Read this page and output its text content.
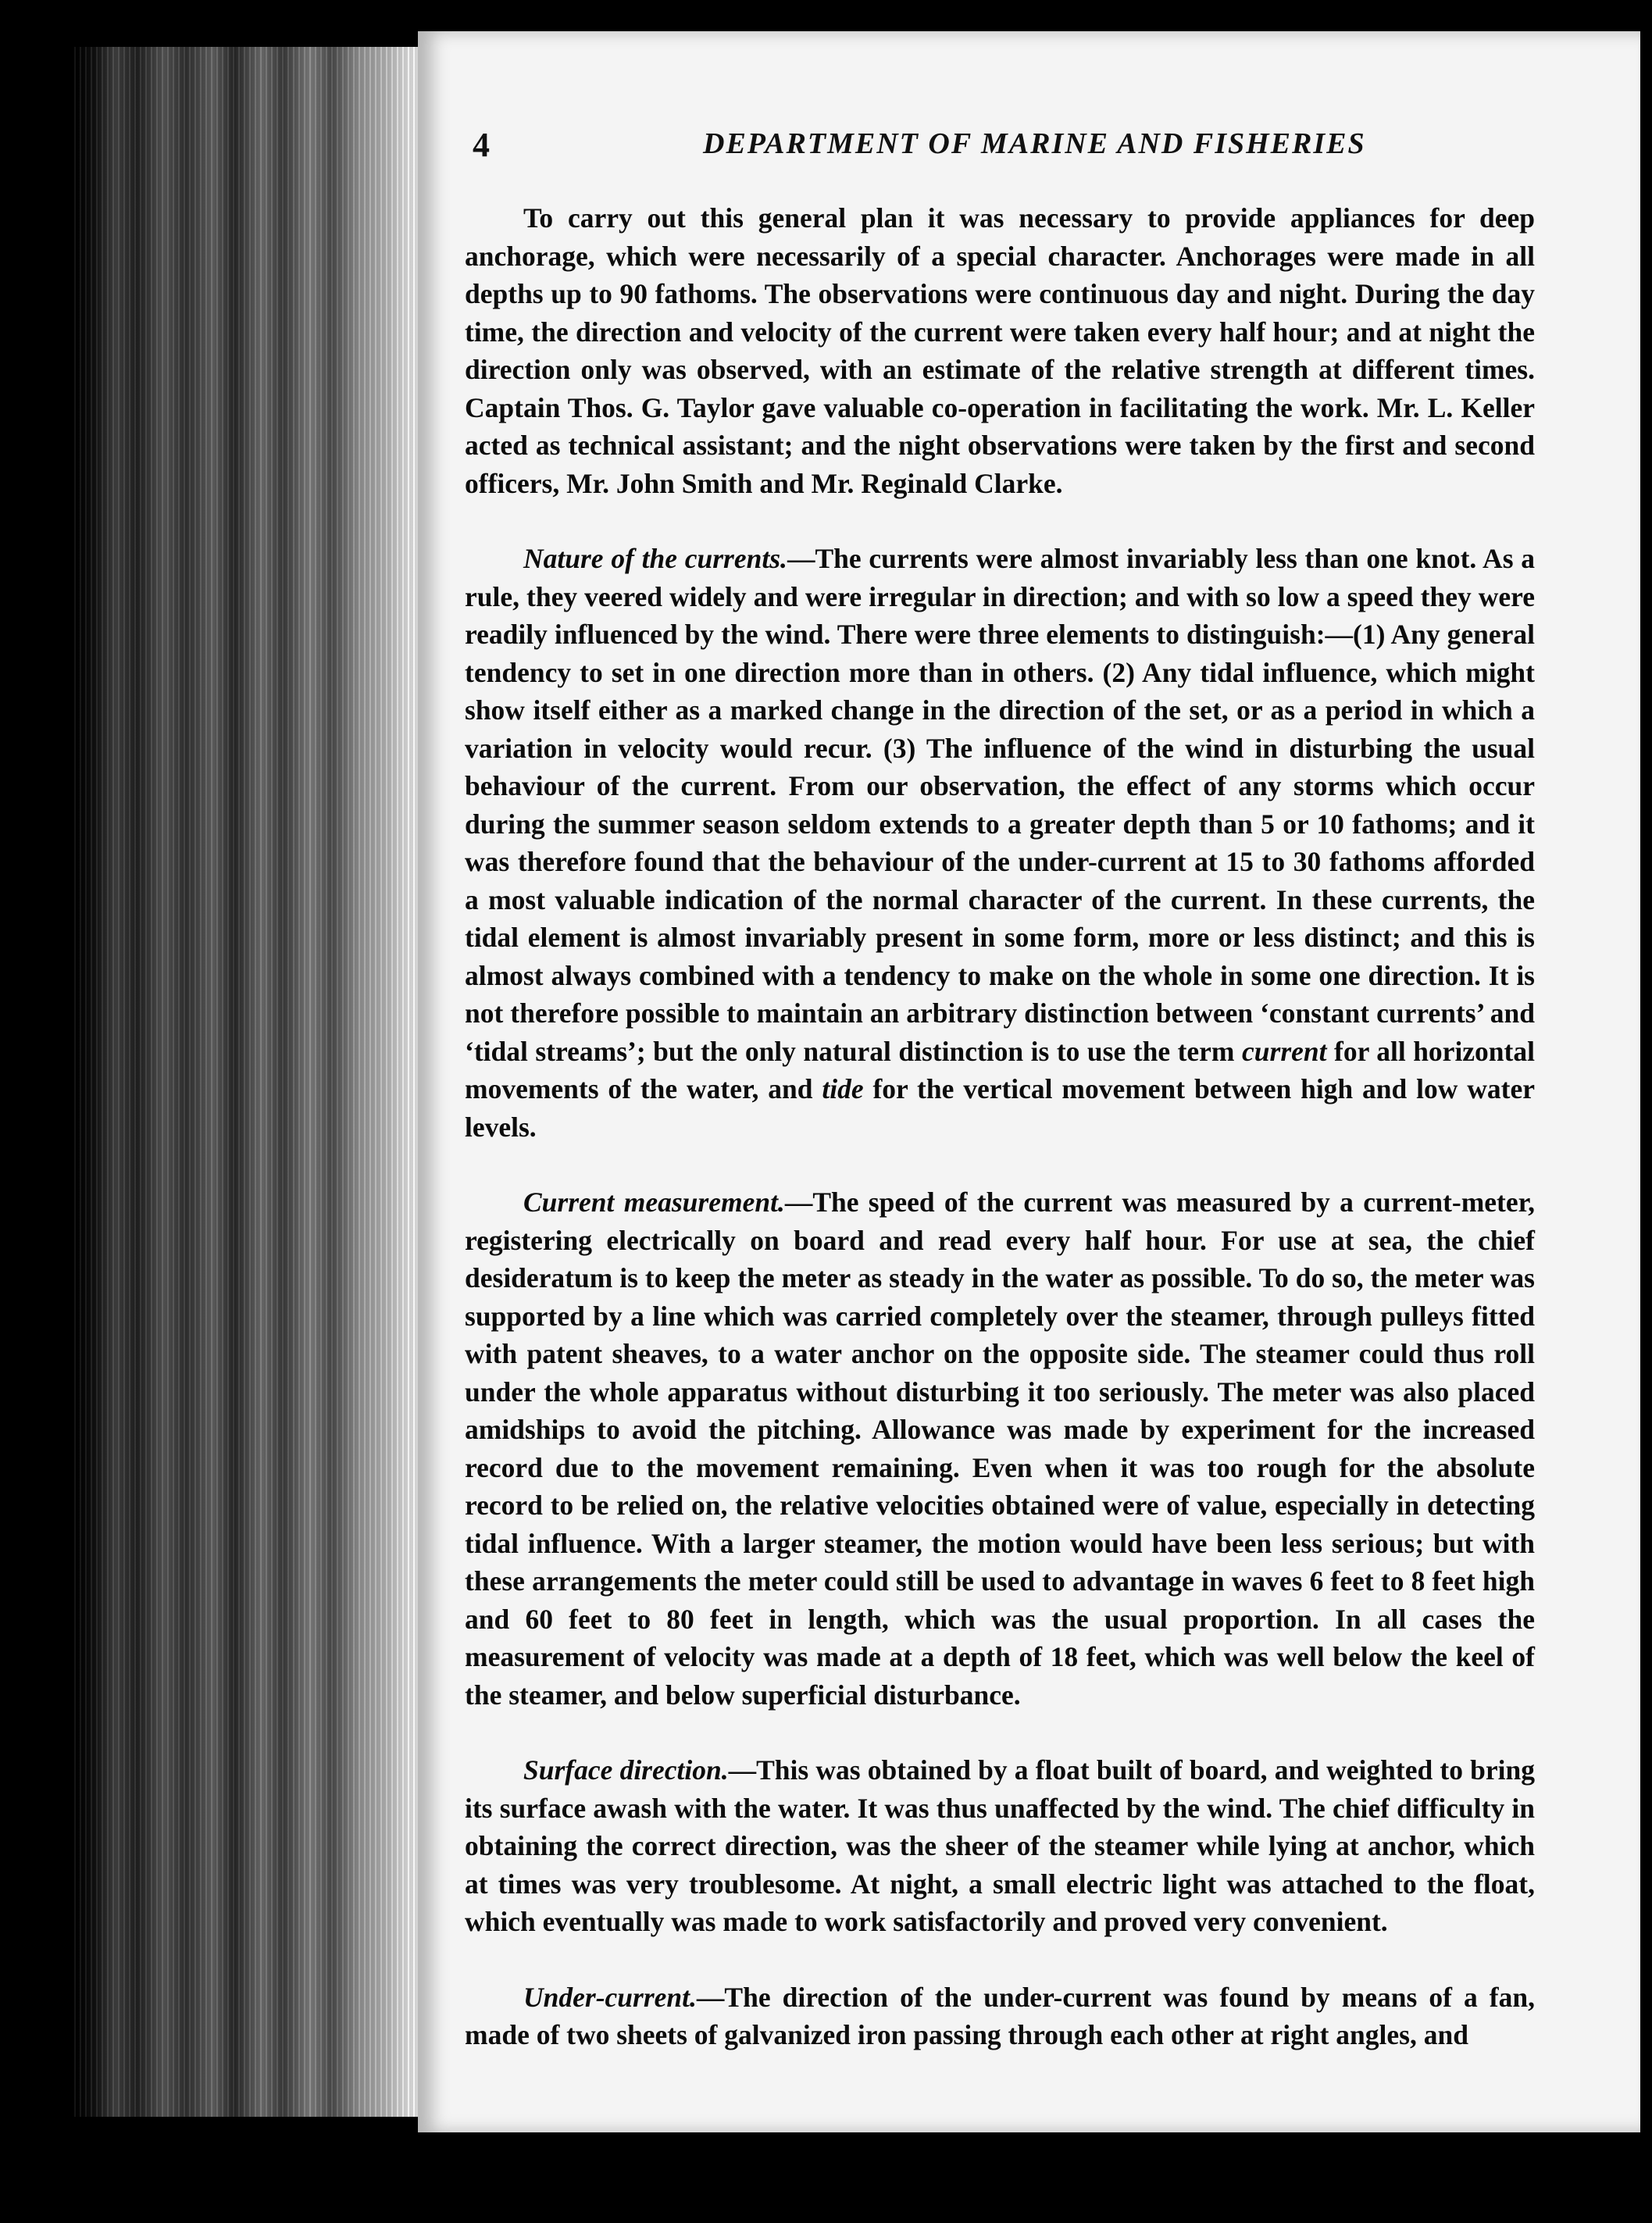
4	DEPARTMENT OF MARINE AND FISHERIES

To carry out this general plan it was necessary to provide appliances for deep anchorage, which were necessarily of a special character. Anchorages were made in all depths up to 90 fathoms. The observations were continuous day and night. During the day time, the direction and velocity of the current were taken every half hour; and at night the direction only was observed, with an estimate of the relative strength at different times. Captain Thos. G. Taylor gave valuable co-operation in facilitating the work. Mr. L. Keller acted as technical assistant; and the night observations were taken by the first and second officers, Mr. John Smith and Mr. Reginald Clarke.

Nature of the currents.—The currents were almost invariably less than one knot. As a rule, they veered widely and were irregular in direction; and with so low a speed they were readily influenced by the wind. There were three elements to distinguish:—(1) Any general tendency to set in one direction more than in others. (2) Any tidal influence, which might show itself either as a marked change in the direction of the set, or as a period in which a variation in velocity would recur. (3) The influence of the wind in disturbing the usual behaviour of the current. From our observation, the effect of any storms which occur during the summer season seldom extends to a greater depth than 5 or 10 fathoms; and it was therefore found that the behaviour of the under-current at 15 to 30 fathoms afforded a most valuable indication of the normal character of the current. In these currents, the tidal element is almost invariably present in some form, more or less distinct; and this is almost always combined with a tendency to make on the whole in some one direction. It is not therefore possible to maintain an arbitrary distinction between ‘constant currents’ and ‘tidal streams’; but the only natural distinction is to use the term current for all horizontal movements of the water, and tide for the vertical movement between high and low water levels.

Current measurement.—The speed of the current was measured by a current-meter, registering electrically on board and read every half hour. For use at sea, the chief desideratum is to keep the meter as steady in the water as possible. To do so, the meter was supported by a line which was carried completely over the steamer, through pulleys fitted with patent sheaves, to a water anchor on the opposite side. The steamer could thus roll under the whole apparatus without disturbing it too seriously. The meter was also placed amidships to avoid the pitching. Allowance was made by experiment for the increased record due to the movement remaining. Even when it was too rough for the absolute record to be relied on, the relative velocities obtained were of value, especially in detecting tidal influence. With a larger steamer, the motion would have been less serious; but with these arrangements the meter could still be used to advantage in waves 6 feet to 8 feet high and 60 feet to 80 feet in length, which was the usual proportion. In all cases the measurement of velocity was made at a depth of 18 feet, which was well below the keel of the steamer, and below superficial disturbance.

Surface direction.—This was obtained by a float built of board, and weighted to bring its surface awash with the water. It was thus unaffected by the wind. The chief difficulty in obtaining the correct direction, was the sheer of the steamer while lying at anchor, which at times was very troublesome. At night, a small electric light was attached to the float, which eventually was made to work satisfactorily and proved very convenient.

Under-current.—The direction of the under-current was found by means of a fan, made of two sheets of galvanized iron passing through each other at right angles, and
